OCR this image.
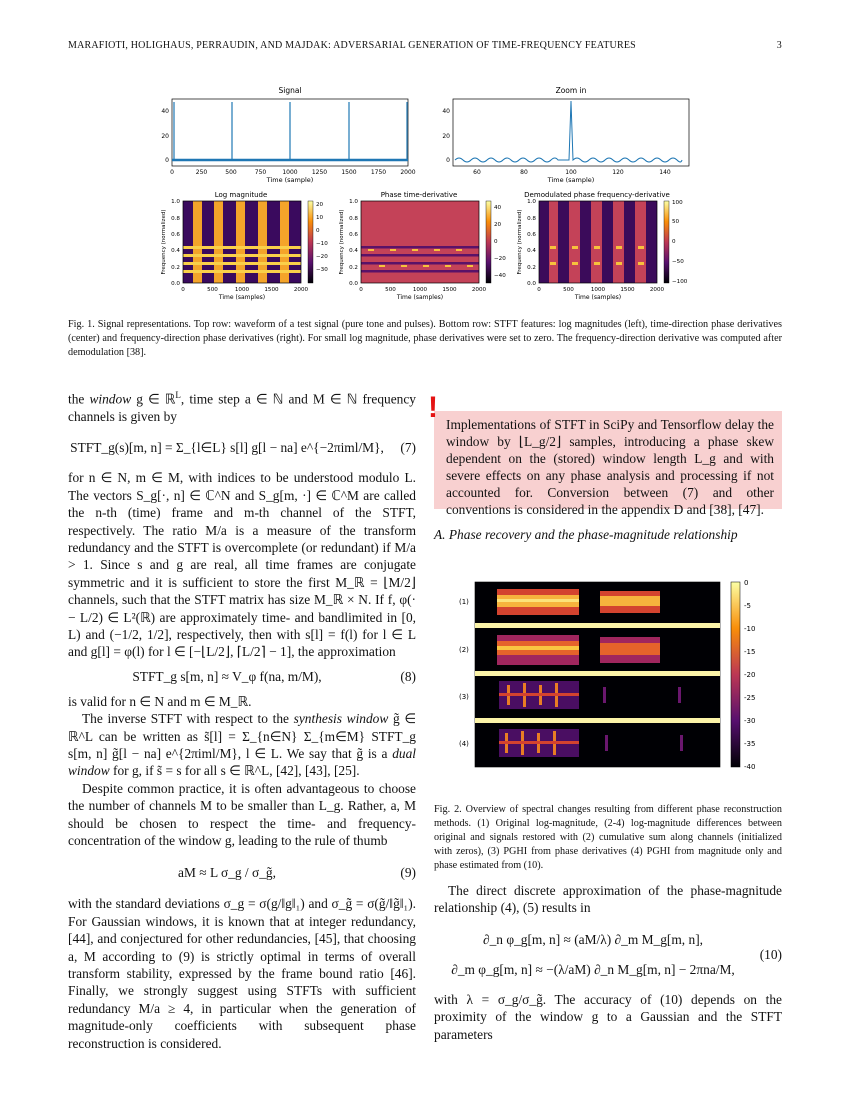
MARAFIOTI, HOLIGHAUS, PERRAUDIN, AND MAJDAK: ADVERSARIAL GENERATION OF TIME-FREQUENCY FEATURES	3
Signal
0	250	500	750	1000 1250 1500 1750 2000
0
20
40
Time (sample)
Zoom in
60	80	100	120	140
0
20
40
Time (sample)
Log magnitude
20
10
0
−10
−20
−30
0.0
0.2
0.4
0.6
0.8
1.0
0	500	1000	1500	2000
Time (samples)
Frequency (normalized)
Phase time-derivative
40
20
0
−20
−40
0.0
0.2
0.4
0.6
0.8
1.0
0	500	1000	1500	2000
Time (samples)
Frequency (normalized)
Demodulated phase frequency-derivative
100
50
0
−50
−100
0.0
0.2
0.4
0.6
0.8
1.0
0	500	1000	1500	2000
Time (samples)
Frequency (normalized)
Fig. 1. Signal representations. Top row: waveform of a test signal (pure tone and pulses). Bottom row: STFT features: log magnitudes (left), time-direction phase derivatives (center) and frequency-direction phase derivatives (right). For small log magnitude, phase derivatives were set to zero. The frequency-direction derivative was computed after demodulation [38].

the window g ∈ ℝ$^L$, time step a ∈ ℕ and M ∈ ℕ frequency channels is given by

STFT_g(s)[m, n] = Σ_{l∈L} s[l] g[l − na] e^{−2πiml/M},	(7)

for n ∈ N, m ∈ M, with indices to be understood modulo L. The vectors S_g[·, n] ∈ ℂ^N and S_g[m, ·] ∈ ℂ^M are called the n-th (time) frame and m-th channel of the STFT, respectively. The ratio M/a is a measure of the transform redundancy and the STFT is overcomplete (or redundant) if M/a > 1. Since s and g are real, all time frames are conjugate symmetric and it is sufficient to store the first M_ℝ = ⌊M/2⌋ channels, such that the STFT matrix has size M_ℝ × N. If f, φ(· − L/2) ∈ L²(ℝ) are approximately time- and bandlimited in [0, L) and (−1/2, 1/2], respectively, then with s[l] = f(l) for l ∈ L and g[l] = φ(l) for l ∈ [−⌊L/2⌋, ⌈L/2⌉ − 1], the approximation

STFT_g s[m, n] ≈ V_φ f(na, m/M),	(8)

is valid for n ∈ N and m ∈ M_ℝ.

The inverse STFT with respect to the synthesis window g̃ ∈ ℝ^L can be written as s̃[l] = Σ_{n∈N} Σ_{m∈M} STFT_g s[m, n] g̃[l − na] e^{2πiml/M}, l ∈ L. We say that g̃ is a dual window for g, if s̃ = s for all s ∈ ℝ^L, [42], [43], [25].

Despite common practice, it is often advantageous to choose the number of channels M to be smaller than L_g. Rather, a, M should be chosen to respect the time- and frequency-concentration of the window g, leading to the rule of thumb

aM ≈ L σ_g / σ_g̃,	(9)

with the standard deviations σ_g = σ(g/‖g‖₁) and σ_g̃ = σ(g̃/‖g̃‖₁). For Gaussian windows, it is known that at integer redundancy, [44], and conjectured for other redundancies, [45], that choosing a, M according to (9) is strictly optimal in terms of overall transform stability, expressed by the frame bound ratio [46]. Finally, we strongly suggest using STFTs with sufficient redundancy M/a ≥ 4, in particular when the generation of magnitude-only coefficients with subsequent phase reconstruction is considered.

Implementations of STFT in SciPy and Tensorflow delay the window by ⌊L_g/2⌋ samples, introducing a phase skew dependent on the (stored) window length L_g and with severe effects on any phase analysis and processing if not accounted for. Conversion between (7) and other conventions is considered in the appendix D and [38], [47].
!
A. Phase recovery and the phase-magnitude relationship
(1)
(2)
(3)
(4)
0
-5
-10
-15
-20
-25
-30
-35
-40
Fig. 2. Overview of spectral changes resulting from different phase reconstruction methods. (1) Original log-magnitude, (2-4) log-magnitude differences between original and signals restored with (2) cumulative sum along channels (initialized with zeros), (3) PGHI from phase derivatives (4) PGHI from magnitude only and phase estimated from (10).

The direct discrete approximation of the phase-magnitude relationship (4), (5) results in

∂_n φ_g[m, n] ≈ (aM/λ) ∂_m M_g[m, n],
∂_m φ_g[m, n] ≈ −(λ/aM) ∂_n M_g[m, n] − 2πna/M,
(10)

with λ = σ_g/σ_g̃. The accuracy of (10) depends on the proximity of the window g to a Gaussian and the STFT parameters
